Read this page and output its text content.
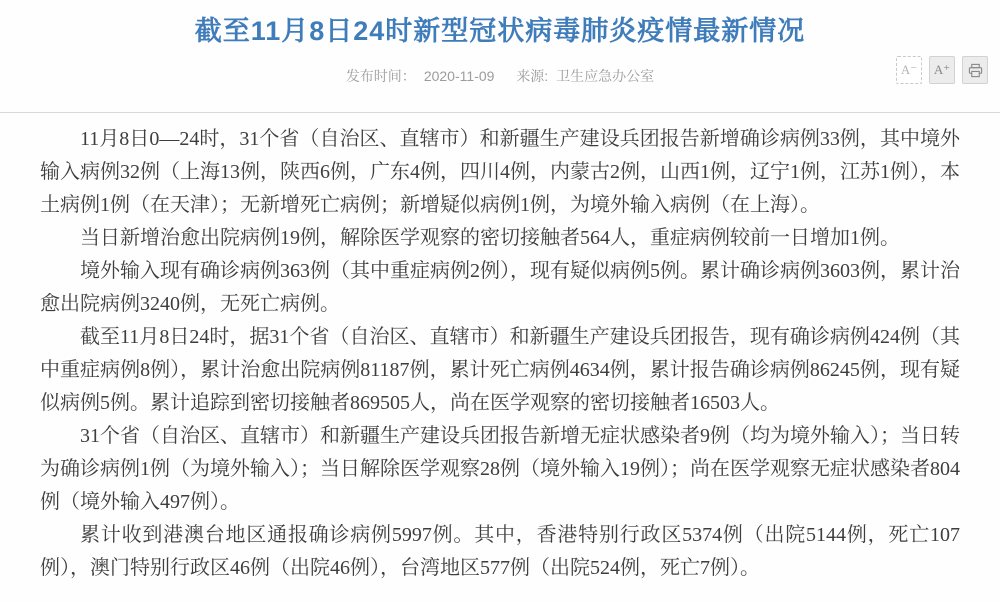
截至11月8日24时新型冠状病毒肺炎疫情最新情况
发布时间： 2020-11-09 来源: 卫生应急办公室	A⁻	A⁺

11月8日0—24时，31个省（自治区、直辖市）和新疆生产建设兵团报告新增确诊病例33例，其中境外输入病例32例（上海13例，陕西6例，广东4例，四川4例，内蒙古2例，山西1例，辽宁1例，江苏1例），本土病例1例（在天津）；无新增死亡病例；新增疑似病例1例，为境外输入病例（在上海）。

当日新增治愈出院病例19例，解除医学观察的密切接触者564人，重症病例较前一日增加1例。

境外输入现有确诊病例363例（其中重症病例2例），现有疑似病例5例。累计确诊病例3603例，累计治愈出院病例3240例，无死亡病例。

截至11月8日24时，据31个省（自治区、直辖市）和新疆生产建设兵团报告，现有确诊病例424例（其中重症病例8例），累计治愈出院病例81187例，累计死亡病例4634例，累计报告确诊病例86245例，现有疑似病例5例。累计追踪到密切接触者869505人，尚在医学观察的密切接触者16503人。

31个省（自治区、直辖市）和新疆生产建设兵团报告新增无症状感染者9例（均为境外输入）；当日转为确诊病例1例（为境外输入）；当日解除医学观察28例（境外输入19例）；尚在医学观察无症状感染者804例（境外输入497例）。

累计收到港澳台地区通报确诊病例5997例。其中，香港特别行政区5374例（出院5144例，死亡107例），澳门特别行政区46例（出院46例），台湾地区577例（出院524例，死亡7例）。
